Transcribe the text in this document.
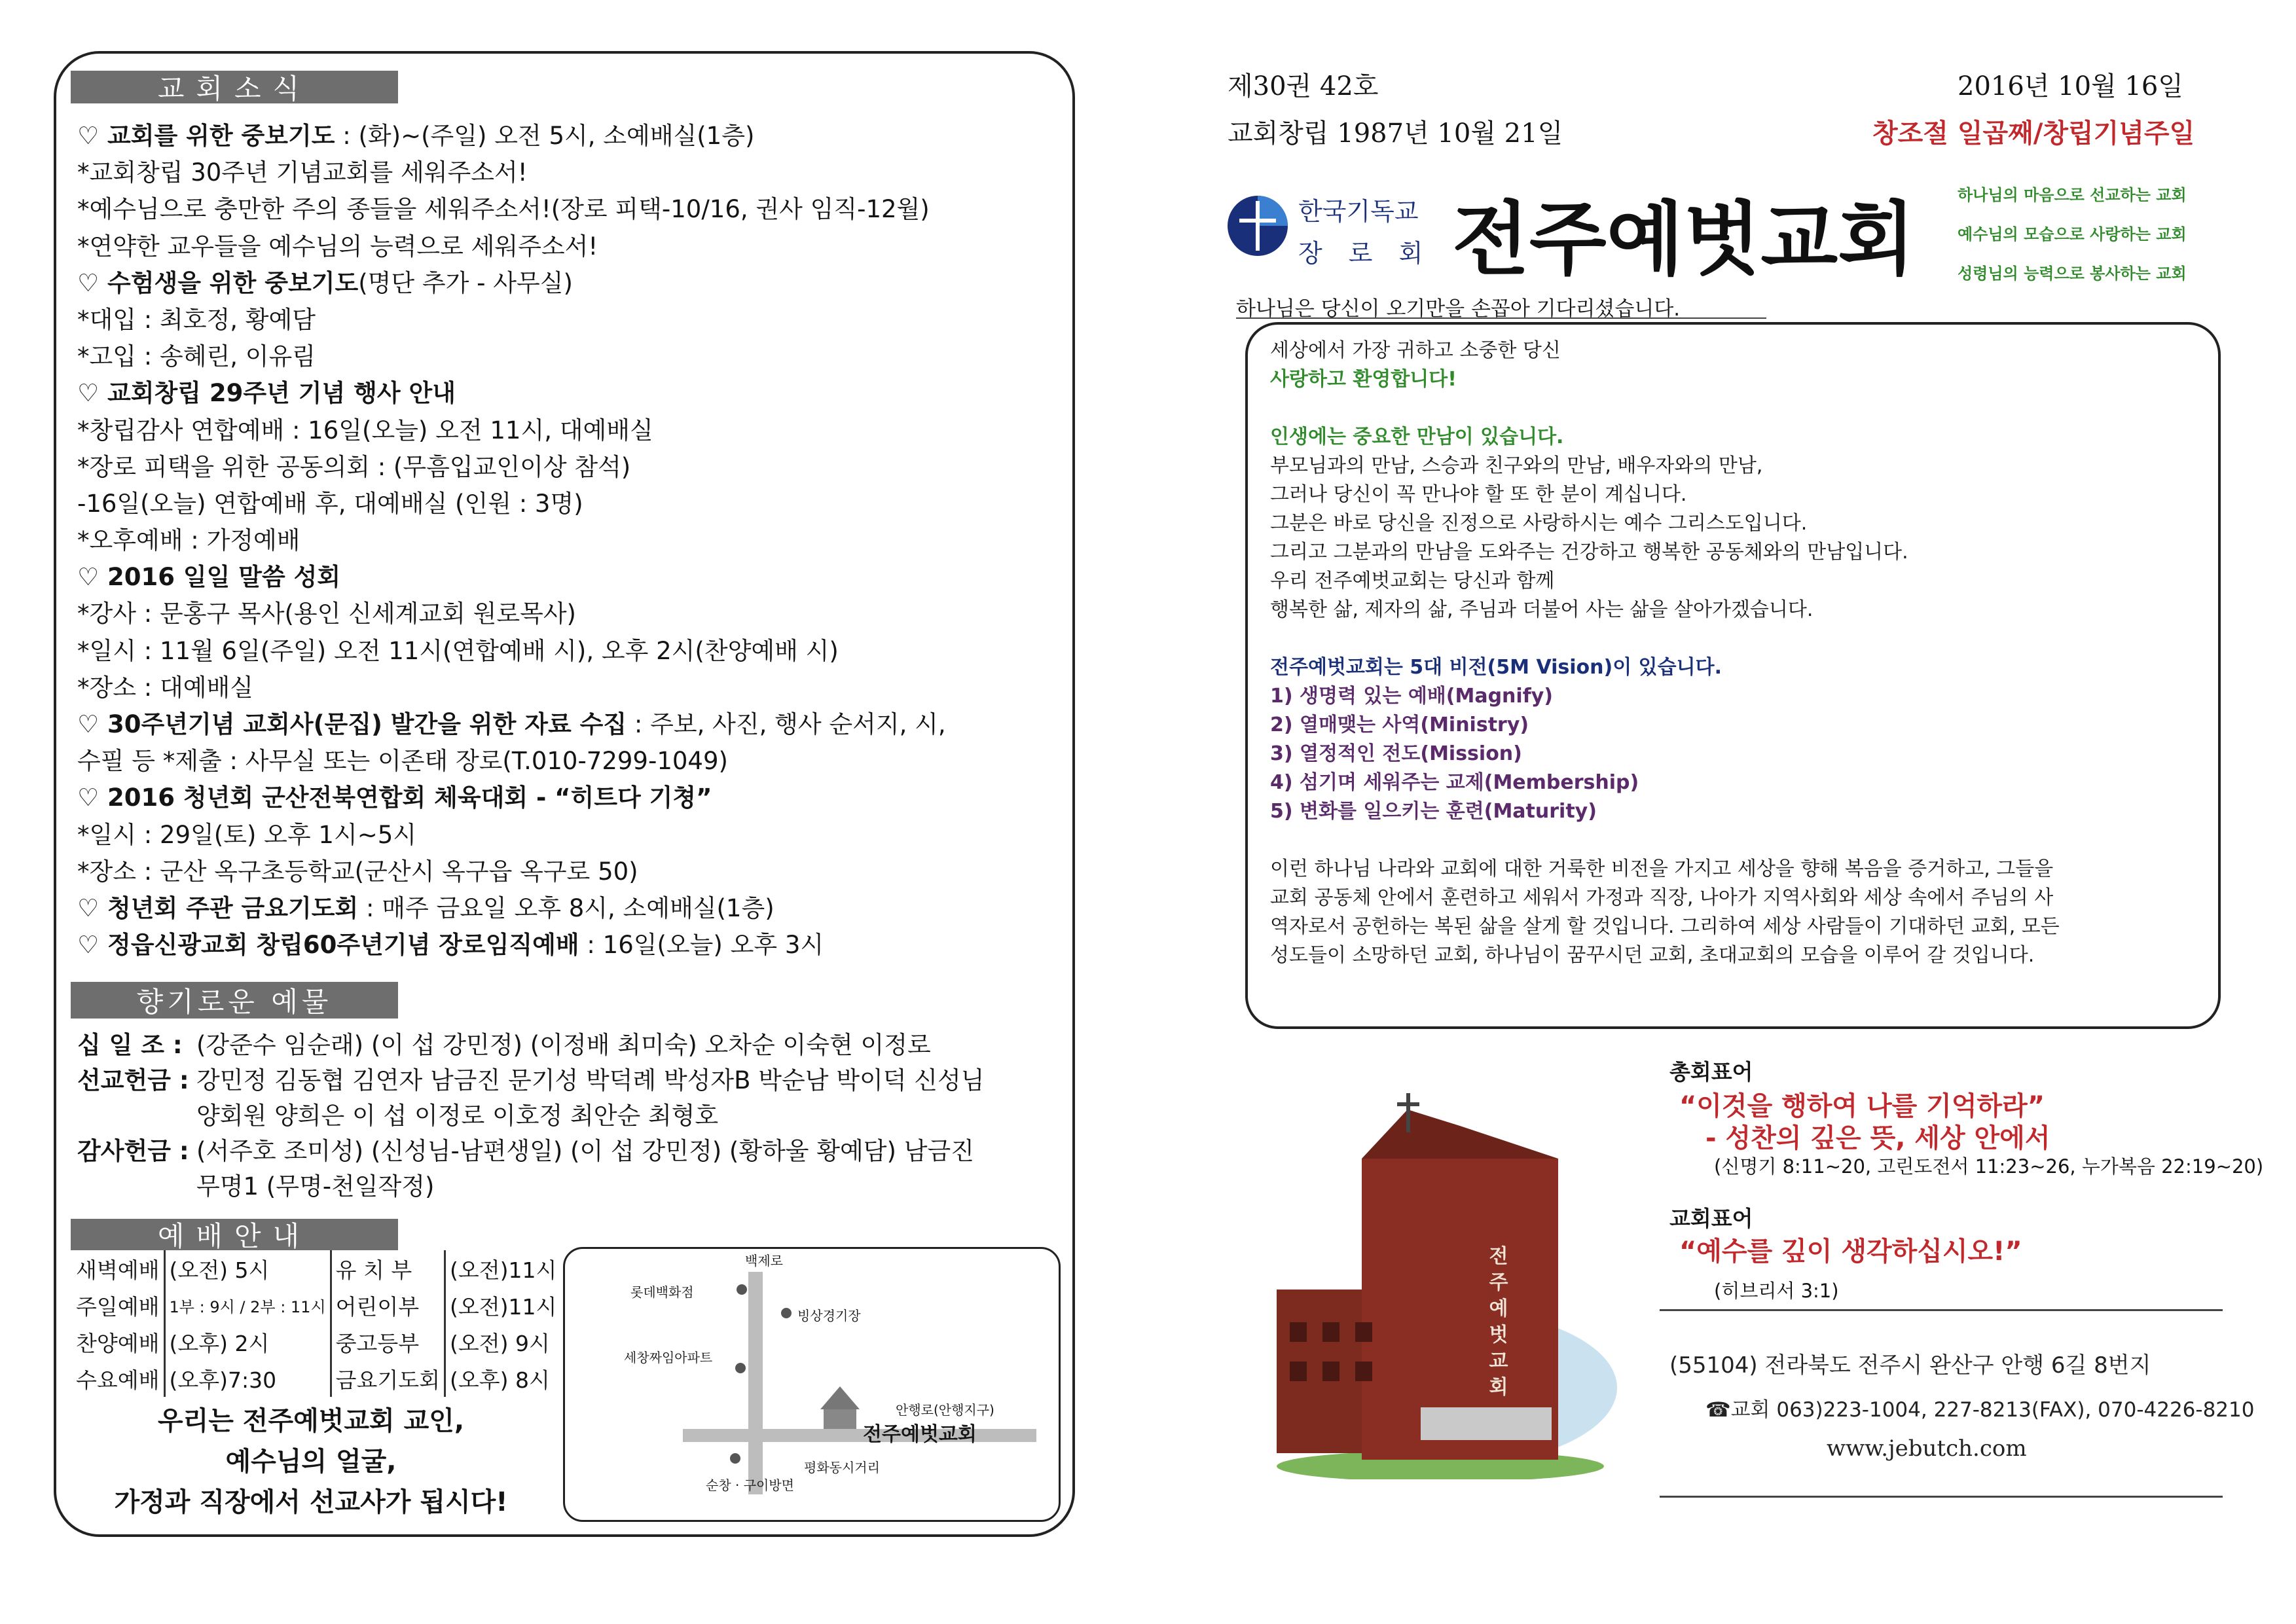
교회소식
♡ 교회를 위한 중보기도 : (화)~(주일) 오전 5시, 소예배실(1층)
*교회창립 30주년 기념교회를 세워주소서!
*예수님으로 충만한 주의 종들을 세워주소서!(장로 피택-10/16, 권사 임직-12월)
*연약한 교우들을 예수님의 능력으로 세워주소서!
♡ 수험생을 위한 중보기도(명단 추가 - 사무실)
*대입 : 최호정, 황예담
*고입 : 송혜린, 이유림
♡ 교회창립 29주년 기념 행사 안내
*창립감사 연합예배 : 16일(오늘) 오전 11시, 대예배실
*장로 피택을 위한 공동의회 : (무흠입교인이상 참석)
-16일(오늘) 연합예배 후, 대예배실 (인원 : 3명)
*오후예배 : 가정예배
♡ 2016 일일 말씀 성회
*강사 : 문홍구 목사(용인 신세계교회 원로목사)
*일시 : 11월 6일(주일) 오전 11시(연합예배 시), 오후 2시(찬양예배 시)
*장소 : 대예배실
♡ 30주년기념 교회사(문집) 발간을 위한 자료 수집 : 주보, 사진, 행사 순서지, 시,
수필 등 *제출 : 사무실 또는 이존태 장로(T.010-7299-1049)
♡ 2016 청년회 군산전북연합회 체육대회 - “히트다 기쳥”
*일시 : 29일(토) 오후 1시~5시
*장소 : 군산 옥구초등학교(군산시 옥구읍 옥구로 50)
♡ 청년회 주관 금요기도회 : 매주 금요일 오후 8시, 소예배실(1층)
♡ 정읍신광교회 창립60주년기념 장로임직예배 : 16일(오늘) 오후 3시
향기로운 예물
십 일 조 : (강준수 임순래) (이 섭 강민정) (이정배 최미숙) 오차순 이숙현 이정로
선교헌금 : 강민정 김동협 김연자 남금진 문기성 박덕례 박성자B 박순남 박이덕 신성님
양회원 양희은 이 섭 이정로 이호정 최안순 최형호
감사헌금 : (서주호 조미성) (신성님-남편생일) (이 섭 강민정) (황하울 황예담) 남금진
무명1 (무명-천일작정)
예배안내
새벽예배	(오전) 5시	유 치 부	(오전)11시
주일예배	1부 : 9시 / 2부 : 11시	어린이부	(오전)11시
찬양예배	(오후) 2시	중고등부	(오전) 9시
수요예배	(오후)7:30	금요기도회	(오후) 8시
우리는 전주예벗교회 교인,
예수님의 얼굴,
가정과 직장에서 선교사가 됩시다!
백제로
롯데백화점
빙상경기장
세창짜임아파트
안행로(안행지구)
전주예벗교회
평화동시거리
순창 · 구이방면
제30권 42호	2016년 10월 16일
교회창립 1987년 10월 21일	창조절 일곱째/창립기념주일
한국기독교
장 로 회 전주예벗교회	하나님의 마음으로 선교하는 교회
예수님의 모습으로 사랑하는 교회
성령님의 능력으로 봉사하는 교회
하나님은 당신이 오기만을 손꼽아 기다리셨습니다.
세상에서 가장 귀하고 소중한 당신
사랑하고 환영합니다!
인생에는 중요한 만남이 있습니다.
부모님과의 만남, 스승과 친구와의 만남, 배우자와의 만남,
그러나 당신이 꼭 만나야 할 또 한 분이 계십니다.
그분은 바로 당신을 진정으로 사랑하시는 예수 그리스도입니다.
그리고 그분과의 만남을 도와주는 건강하고 행복한 공동체와의 만남입니다.
우리 전주예벗교회는 당신과 함께
행복한 삶, 제자의 삶, 주님과 더불어 사는 삶을 살아가겠습니다.
전주예벗교회는 5대 비전(5M Vision)이 있습니다.
1) 생명력 있는 예배(Magnify)
2) 열매맺는 사역(Ministry)
3) 열정적인 전도(Mission)
4) 섬기며 세워주는 교제(Membership)
5) 변화를 일으키는 훈련(Maturity)
이런 하나님 나라와 교회에 대한 거룩한 비전을 가지고 세상을 향해 복음을 증거하고, 그들을
교회 공동체 안에서 훈련하고 세워서 가정과 직장, 나아가 지역사회와 세상 속에서 주님의 사
역자로서 공헌하는 복된 삶을 살게 할 것입니다. 그리하여 세상 사람들이 기대하던 교회, 모든
성도들이 소망하던 교회, 하나님이 꿈꾸시던 교회, 초대교회의 모습을 이루어 갈 것입니다.
전주예벗교회
총회표어
“이것을 행하여 나를 기억하라”
- 성찬의 깊은 뜻, 세상 안에서
(신명기 8:11~20, 고린도전서 11:23~26, 누가복음 22:19~20)
교회표어
“예수를 깊이 생각하십시오!”
(히브리서 3:1)
(55104) 전라북도 전주시 완산구 안행 6길 8번지
☎교회 063)223-1004, 227-8213(FAX), 070-4226-8210
www.jebutch.com
